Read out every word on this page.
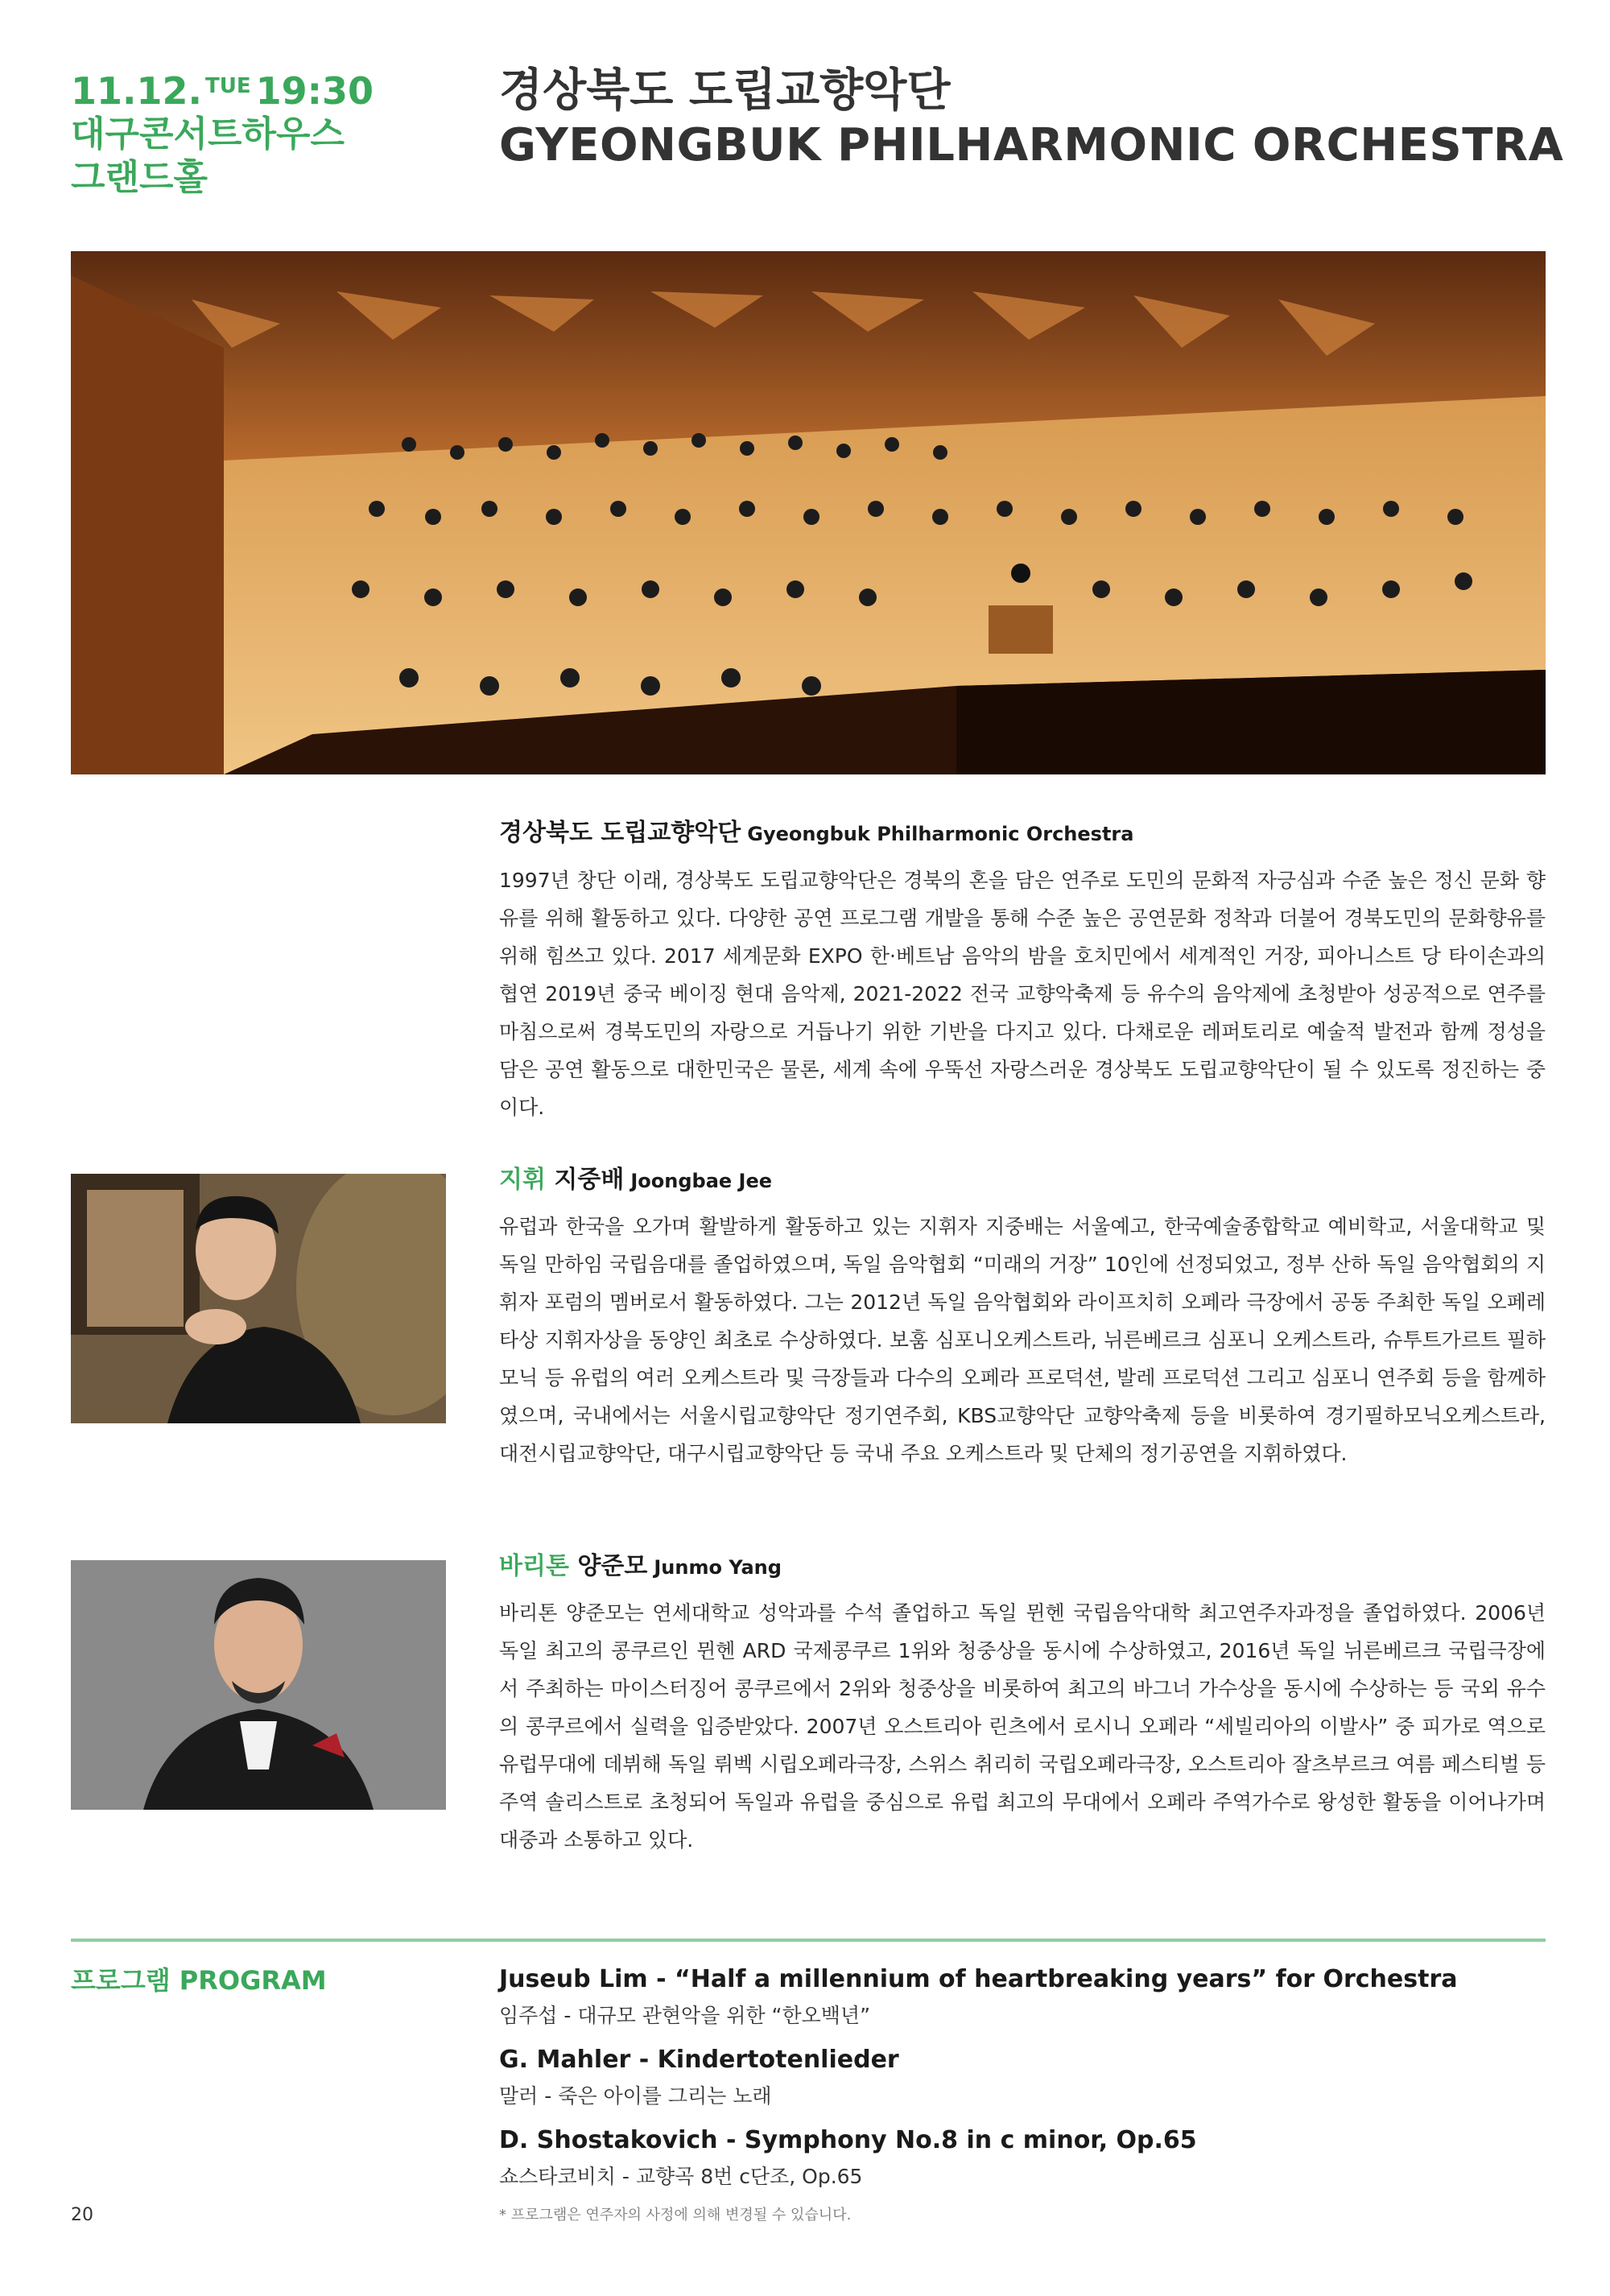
11.12. $^{TUE}$ 19:30
대구콘서트하우스
그랜드홀
경상북도 도립교향악단
GYEONGBUK PHILHARMONIC ORCHESTRA
경상북도 도립교향악단 Gyeongbuk Philharmonic Orchestra
1997년 창단 이래, 경상북도 도립교향악단은 경북의 혼을 담은 연주로 도민의 문화적 자긍심과 수준 높은 정신 문화 향유를 위해 활동하고 있다. 다양한 공연 프로그램 개발을 통해 수준 높은 공연문화 정착과 더불어 경북도민의 문화향유를 위해 힘쓰고 있다. 2017 세계문화 EXPO 한·베트남 음악의 밤을 호치민에서 세계적인 거장, 피아니스트 당 타이손과의 협연 2019년 중국 베이징 현대 음악제, 2021-2022 전국 교향악축제 등 유수의 음악제에 초청받아 성공적으로 연주를 마침으로써 경북도민의 자랑으로 거듭나기 위한 기반을 다지고 있다. 다채로운 레퍼토리로 예술적 발전과 함께 정성을 담은 공연 활동으로 대한민국은 물론, 세계 속에 우뚝선 자랑스러운 경상북도 도립교향악단이 될 수 있도록 정진하는 중이다.
지휘 지중배 Joongbae Jee
유럽과 한국을 오가며 활발하게 활동하고 있는 지휘자 지중배는 서울예고, 한국예술종합학교 예비학교, 서울대학교 및 독일 만하임 국립음대를 졸업하였으며, 독일 음악협회 “미래의 거장” 10인에 선정되었고, 정부 산하 독일 음악협회의 지휘자 포럼의 멤버로서 활동하였다. 그는 2012년 독일 음악협회와 라이프치히 오페라 극장에서 공동 주최한 독일 오페레타상 지휘자상을 동양인 최초로 수상하였다. 보훔 심포니오케스트라, 뉘른베르크 심포니 오케스트라, 슈투트가르트 필하모닉 등 유럽의 여러 오케스트라 및 극장들과 다수의 오페라 프로덕션, 발레 프로덕션 그리고 심포니 연주회 등을 함께하였으며, 국내에서는 서울시립교향악단 정기연주회, KBS교향악단 교향악축제 등을 비롯하여 경기필하모닉오케스트라, 대전시립교향악단, 대구시립교향악단 등 국내 주요 오케스트라 및 단체의 정기공연을 지휘하였다.
바리톤 양준모 Junmo Yang
바리톤 양준모는 연세대학교 성악과를 수석 졸업하고 독일 뮌헨 국립음악대학 최고연주자과정을 졸업하였다. 2006년 독일 최고의 콩쿠르인 뮌헨 ARD 국제콩쿠르 1위와 청중상을 동시에 수상하였고, 2016년 독일 뉘른베르크 국립극장에서 주최하는 마이스터징어 콩쿠르에서 2위와 청중상을 비롯하여 최고의 바그너 가수상을 동시에 수상하는 등 국외 유수의 콩쿠르에서 실력을 입증받았다. 2007년 오스트리아 린츠에서 로시니 오페라 “세빌리아의 이발사” 중 피가로 역으로 유럽무대에 데뷔해 독일 뤼벡 시립오페라극장, 스위스 취리히 국립오페라극장, 오스트리아 잘츠부르크 여름 페스티벌 등 주역 솔리스트로 초청되어 독일과 유럽을 중심으로 유럽 최고의 무대에서 오페라 주역가수로 왕성한 활동을 이어나가며 대중과 소통하고 있다.
프로그램 PROGRAM	Juseub Lim - “Half a millennium of heartbreaking years” for Orchestra
임주섭 - 대규모 관현악을 위한 “한오백년”
G. Mahler - Kindertotenlieder
말러 - 죽은 아이를 그리는 노래
D. Shostakovich - Symphony No.8 in c minor, Op.65
쇼스타코비치 - 교향곡 8번 c단조, Op.65
* 프로그램은 연주자의 사정에 의해 변경될 수 있습니다.
20
